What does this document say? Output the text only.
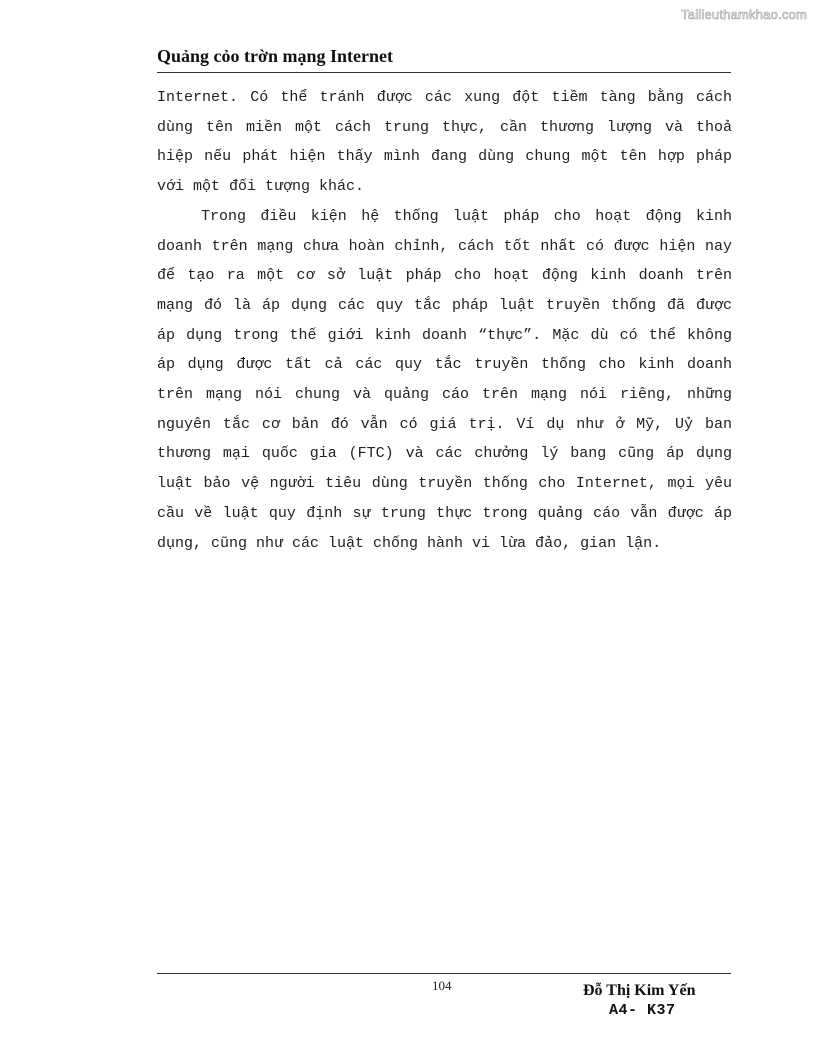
Tailieuthamkhao.com
Quảng cỏo trờn mạng Internet

Internet. Có thể tránh được các xung đột tiềm tàng bằng cách dùng tên miền một cách trung thực, cần thương lượng và thoả hiệp nếu phát hiện thấy mình đang dùng chung một tên hợp pháp với một đối tượng khác.

Trong điều kiện hệ thống luật pháp cho hoạt động kinh doanh trên mạng chưa hoàn chỉnh, cách tốt nhất có được hiện nay để tạo ra một cơ sở luật pháp cho hoạt động kinh doanh trên mạng đó là áp dụng các quy tắc pháp luật truyền thống đã được áp dụng trong thế giới kinh doanh “thực”. Mặc dù có thể không áp dụng được tất cả các quy tắc truyền thống cho kinh doanh trên mạng nói chung và quảng cáo trên mạng nói riêng, những nguyên tắc cơ bản đó vẫn có giá trị. Ví dụ như ở Mỹ, Uỷ ban thương mại quốc gia (FTC) và các chưởng lý bang cũng áp dụng luật bảo vệ người tiêu dùng truyền thống cho Internet, mọi yêu cầu về luật quy định sự trung thực trong quảng cáo vẫn được áp dụng, cũng như các luật chống hành vi lừa đảo, gian lận.

104	Đỗ Thị Kim Yến
A4- K37
